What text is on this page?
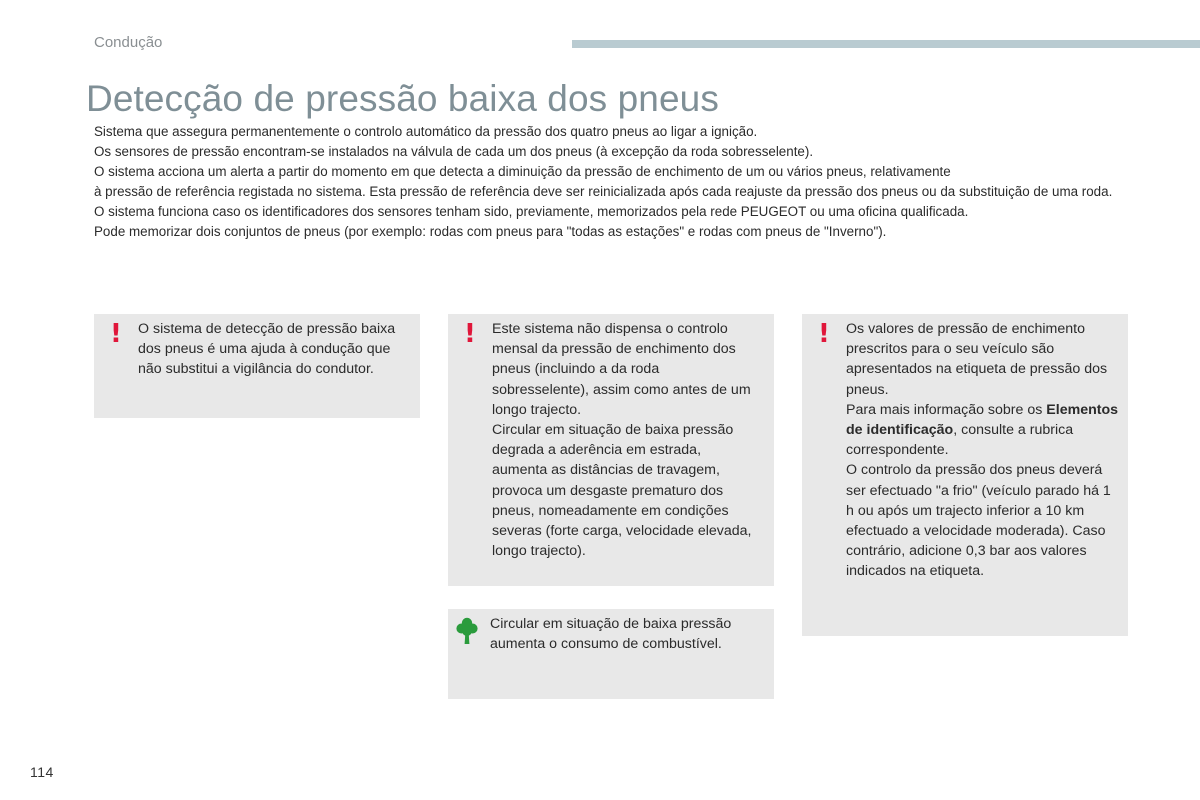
Condução
Detecção de pressão baixa dos pneus

Sistema que assegura permanentemente o controlo automático da pressão dos quatro pneus ao ligar a ignição.

Os sensores de pressão encontram-se instalados na válvula de cada um dos pneus (à excepção da roda sobresselente).

O sistema acciona um alerta a partir do momento em que detecta a diminuição da pressão de enchimento de um ou vários pneus, relativamente

à pressão de referência registada no sistema. Esta pressão de referência deve ser reinicializada após cada reajuste da pressão dos pneus ou da substituição de uma roda.

O sistema funciona caso os identificadores dos sensores tenham sido, previamente, memorizados pela rede PEUGEOT ou uma oficina qualificada.

Pode memorizar dois conjuntos de pneus (por exemplo: rodas com pneus para "todas as estações" e rodas com pneus de "Inverno").

! O sistema de detecção de pressão baixa dos pneus é uma ajuda à condução que não substitui a vigilância do condutor.

! Este sistema não dispensa o controlo mensal da pressão de enchimento dos pneus (incluindo a da roda sobresselente), assim como antes de um longo trajecto.

Circular em situação de baixa pressão degrada a aderência em estrada, aumenta as distâncias de travagem, provoca um desgaste prematuro dos pneus, nomeadamente em condições severas (forte carga, velocidade elevada, longo trajecto).

! Os valores de pressão de enchimento prescritos para o seu veículo são apresentados na etiqueta de pressão dos pneus.

Para mais informação sobre os Elementos de identificação, consulte a rubrica correspondente.

O controlo da pressão dos pneus deverá ser efectuado "a frio" (veículo parado há 1 h ou após um trajecto inferior a 10 km efectuado a velocidade moderada). Caso contrário, adicione 0,3 bar aos valores indicados na etiqueta.

Circular em situação de baixa pressão aumenta o consumo de combustível.

114
